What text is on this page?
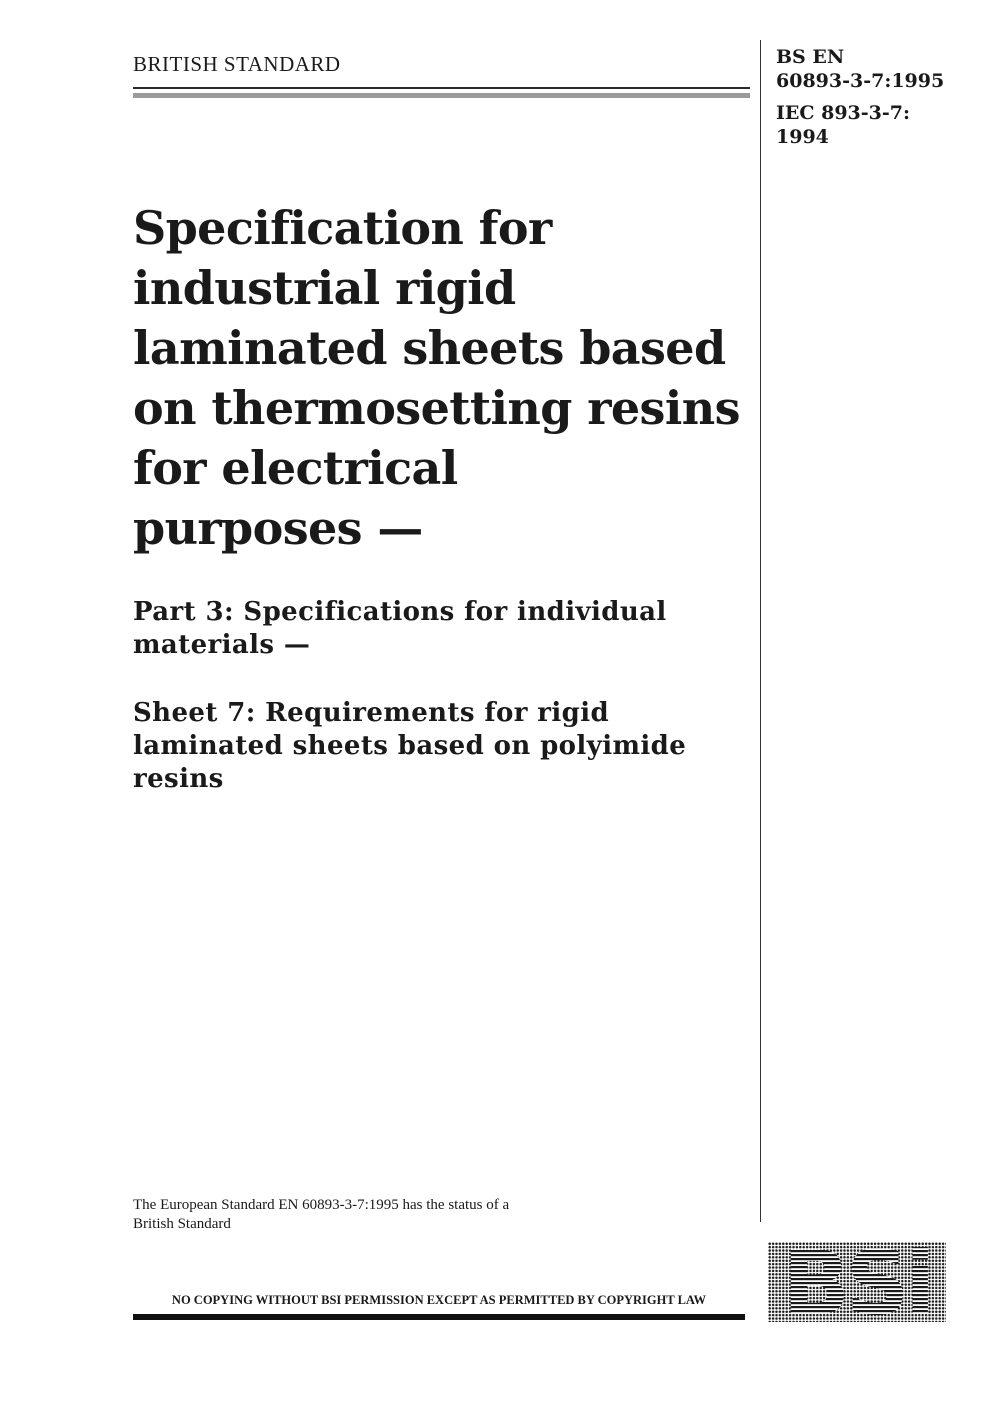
BRITISH STANDARD	BS EN
60893-3-7:1995
IEC 893-3-7:
1994
Specification for
industrial rigid
laminated sheets based
on thermosetting resins
for electrical
purposes —
Part 3: Specifications for individual
materials —
Sheet 7: Requirements for rigid
laminated sheets based on polyimide
resins
The European Standard EN 60893-3-7:1995 has the status of a
British Standard
NO COPYING WITHOUT BSI PERMISSION EXCEPT AS PERMITTED BY COPYRIGHT LAW BSi
